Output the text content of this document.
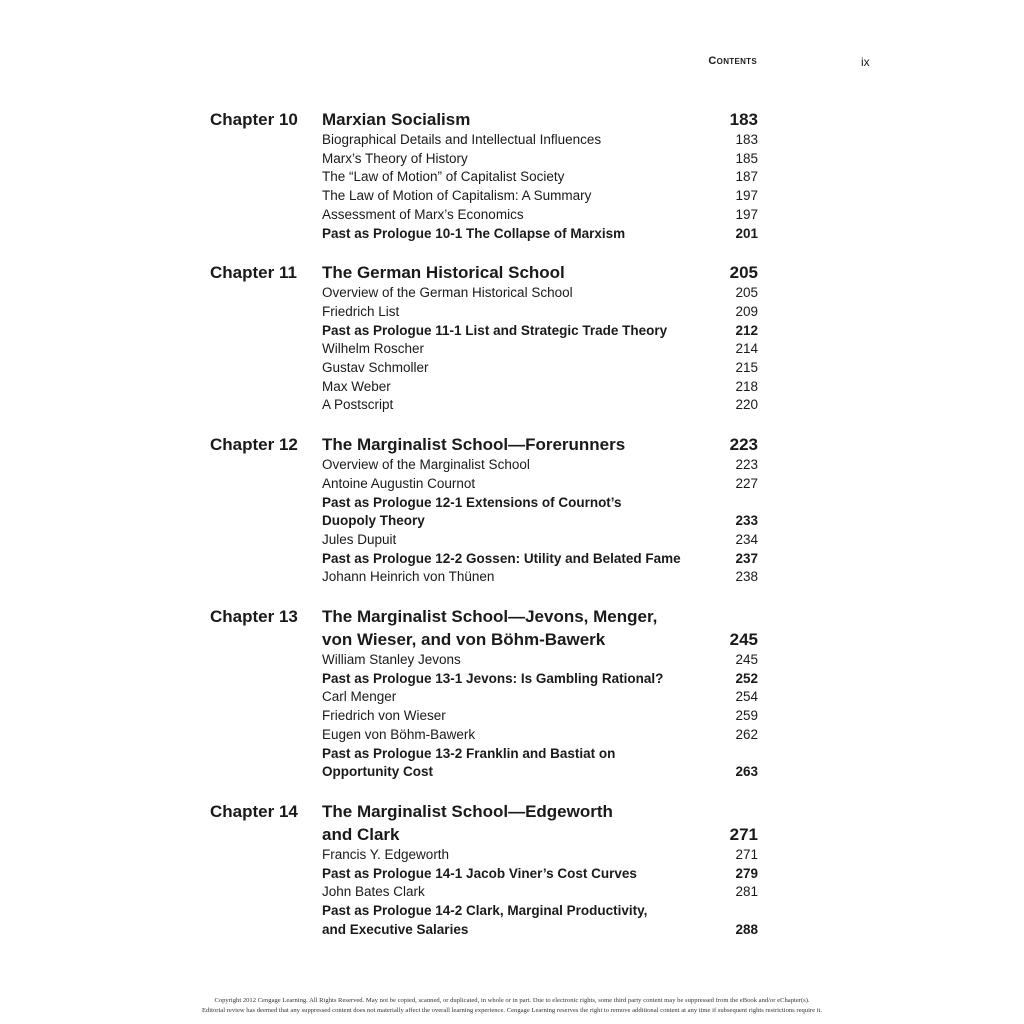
Contents	ix
Chapter 10 Marxian Socialism	183
Biographical Details and Intellectual Influences	183
Marx’s Theory of History	185
The “Law of Motion” of Capitalist Society	187
The Law of Motion of Capitalism: A Summary	197
Assessment of Marx’s Economics	197
Past as Prologue 10-1 The Collapse of Marxism	201
Chapter 11 The German Historical School	205
Overview of the German Historical School	205
Friedrich List	209
Past as Prologue 11-1 List and Strategic Trade Theory	212
Wilhelm Roscher	214
Gustav Schmoller	215
Max Weber	218
A Postscript	220
Chapter 12 The Marginalist School—Forerunners	223
Overview of the Marginalist School	223
Antoine Augustin Cournot	227
Past as Prologue 12-1 Extensions of Cournot’s
Duopoly Theory	233
Jules Dupuit	234
Past as Prologue 12-2 Gossen: Utility and Belated Fame	237
Johann Heinrich von Thünen	238
Chapter 13 The Marginalist School—Jevons, Menger,
von Wieser, and von Böhm-Bawerk	245
William Stanley Jevons	245
Past as Prologue 13-1 Jevons: Is Gambling Rational?	252
Carl Menger	254
Friedrich von Wieser	259
Eugen von Böhm-Bawerk	262
Past as Prologue 13-2 Franklin and Bastiat on
Opportunity Cost	263
Chapter 14 The Marginalist School—Edgeworth
and Clark	271
Francis Y. Edgeworth	271
Past as Prologue 14-1 Jacob Viner’s Cost Curves	279
John Bates Clark	281
Past as Prologue 14-2 Clark, Marginal Productivity,
and Executive Salaries	288
Copyright 2012 Cengage Learning. All Rights Reserved. May not be copied, scanned, or duplicated, in whole or in part. Due to electronic rights, some third party content may be suppressed from the eBook and/or eChapter(s).
Editorial review has deemed that any suppressed content does not materially affect the overall learning experience. Cengage Learning reserves the right to remove additional content at any time if subsequent rights restrictions require it.
